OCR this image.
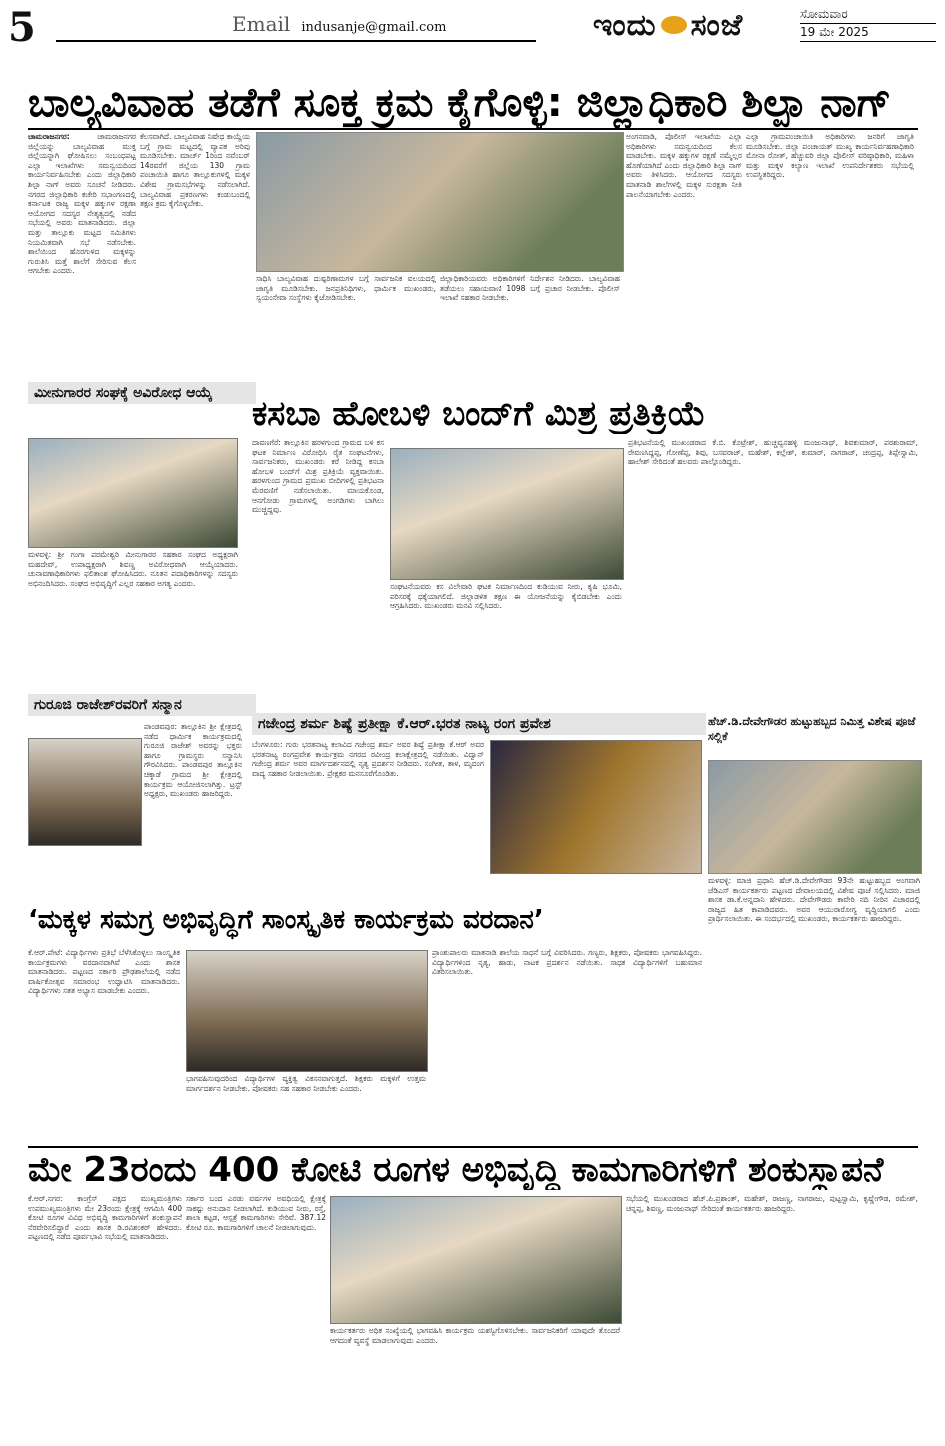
5	Email indusanje@gmail.com	ಇಂದು ಸಂಜೆ	ಸೋಮವಾರ
19 ಮೇ 2025
ಬಾಲ್ಯವಿವಾಹ ತಡೆಗೆ ಸೂಕ್ತ ಕ್ರಮ ಕೈಗೊಳ್ಳಿ: ಜಿಲ್ಲಾಧಿಕಾರಿ ಶಿಲ್ಪಾ ನಾಗ್
ಚಾಮರಾಜನಗರ:	ಚಾಮರಾಜನಗರ ಜಿಲ್ಲೆಯನ್ನು ಬಾಲ್ಯವಿವಾಹ ಮುಕ್ತ ಜಿಲ್ಲೆಯನ್ನಾಗಿ ಘೋಷಿಸಲು ಸಂಬಂಧಪಟ್ಟ ಎಲ್ಲಾ ಇಲಾಖೆಗಳು ಸಮನ್ವಯದಿಂದ ಕಾರ್ಯನಿರ್ವಹಿಸಬೇಕು ಎಂದು ಜಿಲ್ಲಾಧಿಕಾರಿ ಶಿಲ್ಪಾ ನಾಗ್ ಅವರು ಸೂಚನೆ ನೀಡಿದರು. ನಗರದ ಜಿಲ್ಲಾಧಿಕಾರಿ ಕಚೇರಿ ಸಭಾಂಗಣದಲ್ಲಿ ಕರ್ನಾಟಕ ರಾಜ್ಯ ಮಕ್ಕಳ ಹಕ್ಕುಗಳ ರಕ್ಷಣಾ ಆಯೋಗದ ಸದಸ್ಯರ ನೇತೃತ್ವದಲ್ಲಿ ನಡೆದ ಸಭೆಯಲ್ಲಿ ಅವರು ಮಾತನಾಡಿದರು. ಜಿಲ್ಲಾ ಮತ್ತು ತಾಲ್ಲೂಕು ಮಟ್ಟದ ಸಮಿತಿಗಳು ನಿಯಮಿತವಾಗಿ ಸಭೆ ನಡೆಸಬೇಕು. ಶಾಲೆಯಿಂದ ಹೊರಗುಳಿದ ಮಕ್ಕಳನ್ನು ಗುರುತಿಸಿ ಮತ್ತೆ ಶಾಲೆಗೆ ಸೇರಿಸುವ ಕೆಲಸ ಆಗಬೇಕು ಎಂದರು.
ಕೆಲಸವಾಗಿದೆ. ಬಾಲ್ಯವಿವಾಹ ನಿಷೇಧ ಕಾಯ್ದೆಯ ಬಗ್ಗೆ ಗ್ರಾಮ ಮಟ್ಟದಲ್ಲಿ ವ್ಯಾಪಕ ಅರಿವು ಮೂಡಿಸಬೇಕು. ಮಾರ್ಚ್ 1ರಿಂದ ನವೆಂಬರ್ 14ರವರೆಗೆ ಜಿಲ್ಲೆಯ 130 ಗ್ರಾಮ ಪಂಚಾಯಿತಿ ಹಾಗೂ ತಾಲ್ಲೂಕುಗಳಲ್ಲಿ ಮಕ್ಕಳ ವಿಶೇಷ ಗ್ರಾಮಸಭೆಗಳನ್ನು ನಡೆಸಲಾಗಿದೆ. ಬಾಲ್ಯವಿವಾಹ ಪ್ರಕರಣಗಳು ಕಂಡುಬಂದಲ್ಲಿ ತಕ್ಷಣ ಕ್ರಮ ಕೈಗೊಳ್ಳಬೇಕು.
ಸಾಧಿಸಿ ಬಾಲ್ಯವಿವಾಹ ದುಷ್ಪರಿಣಾಮಗಳ ಬಗ್ಗೆ ಸಾರ್ವಜನಿಕ ವಲಯದಲ್ಲಿ ಜಾಗೃತಿ ಮೂಡಿಸಬೇಕು. ಜನಪ್ರತಿನಿಧಿಗಳು, ಧಾರ್ಮಿಕ ಮುಖಂಡರು, ಸ್ವಯಂಸೇವಾ ಸಂಸ್ಥೆಗಳು ಕೈಜೋಡಿಸಬೇಕು.
ಜಿಲ್ಲಾಧಿಕಾರಿಯವರು ಅಧಿಕಾರಿಗಳಿಗೆ ನಿರ್ದೇಶನ ನೀಡಿದರು. ಬಾಲ್ಯವಿವಾಹ ತಡೆಯಲು ಸಹಾಯವಾಣಿ 1098 ಬಗ್ಗೆ ಪ್ರಚಾರ ನೀಡಬೇಕು. ಪೊಲೀಸ್ ಇಲಾಖೆ ಸಹಕಾರ ನೀಡಬೇಕು.
ಅಂಗನವಾಡಿ, ಪೊಲೀಸ್ ಇಲಾಖೆಯ ಎಲ್ಲಾ ಅಧಿಕಾರಿಗಳು ಸಮನ್ವಯದಿಂದ ಕೆಲಸ ಮಾಡಬೇಕು. ಮಕ್ಕಳ ಹಕ್ಕುಗಳ ರಕ್ಷಣೆ ನಮ್ಮೆಲ್ಲರ ಹೊಣೆಯಾಗಿದೆ ಎಂದು ಜಿಲ್ಲಾಧಿಕಾರಿ ಶಿಲ್ಪಾ ನಾಗ್ ಅವರು ತಿಳಿಸಿದರು. ಆಯೋಗದ ಸದಸ್ಯರು ಮಾತನಾಡಿ ಶಾಲೆಗಳಲ್ಲಿ ಮಕ್ಕಳ ಸುರಕ್ಷತಾ ನೀತಿ ಪಾಲನೆಯಾಗಬೇಕು ಎಂದರು.
ಎಲ್ಲಾ ಗ್ರಾಮಪಂಚಾಯಿತಿ ಅಧಿಕಾರಿಗಳು ಜನರಿಗೆ ಜಾಗೃತಿ ಮೂಡಿಸಬೇಕು. ಜಿಲ್ಲಾ ಪಂಚಾಯತ್ ಮುಖ್ಯ ಕಾರ್ಯನಿರ್ವಹಣಾಧಿಕಾರಿ ಮೋನಾ ರೋತ್, ಹೆಚ್ಚುವರಿ ಜಿಲ್ಲಾ ಪೊಲೀಸ್ ವರಿಷ್ಠಾಧಿಕಾರಿ, ಮಹಿಳಾ ಮತ್ತು ಮಕ್ಕಳ ಕಲ್ಯಾಣ ಇಲಾಖೆ ಉಪನಿರ್ದೇಶಕರು ಸಭೆಯಲ್ಲಿ ಉಪಸ್ಥಿತರಿದ್ದರು.
ಮೀನುಗಾರರ ಸಂಘಕ್ಕೆ ಅವಿರೋಧ ಆಯ್ಕೆ
ಮಳವಳ್ಳಿ: ಶ್ರೀ ಗಂಗಾ ಪರಮೇಶ್ವರಿ ಮೀನುಗಾರರ ಸಹಕಾರ ಸಂಘದ ಅಧ್ಯಕ್ಷರಾಗಿ ಮಹದೇವ್, ಉಪಾಧ್ಯಕ್ಷರಾಗಿ ಶಿವಣ್ಣ ಅವಿರೋಧವಾಗಿ ಆಯ್ಕೆಯಾದರು. ಚುನಾವಣಾಧಿಕಾರಿಗಳು ಫಲಿತಾಂಶ ಘೋಷಿಸಿದರು. ನೂತನ ಪದಾಧಿಕಾರಿಗಳನ್ನು ಸದಸ್ಯರು ಅಭಿನಂದಿಸಿದರು. ಸಂಘದ ಅಭಿವೃದ್ಧಿಗೆ ಎಲ್ಲರ ಸಹಕಾರ ಅಗತ್ಯ ಎಂದರು.
ಗುರೂಜಿ ರಾಜೇಶ್‌ರವರಿಗೆ ಸನ್ಮಾನ
ಪಾಂಡವಪುರ: ತಾಲ್ಲೂಕಿನ ಶ್ರೀ ಕ್ಷೇತ್ರದಲ್ಲಿ ನಡೆದ ಧಾರ್ಮಿಕ ಕಾರ್ಯಕ್ರಮದಲ್ಲಿ ಗುರೂಜಿ ರಾಜೇಶ್ ಅವರನ್ನು ಭಕ್ತರು ಹಾಗೂ ಗ್ರಾಮಸ್ಥರು ಸನ್ಮಾನಿಸಿ ಗೌರವಿಸಿದರು. ಪಾಂಡವಪುರ ತಾಲ್ಲೂಕಿನ ಚಿಕ್ಕಾಡೆ ಗ್ರಾಮದ ಶ್ರೀ ಕ್ಷೇತ್ರದಲ್ಲಿ ಕಾರ್ಯಕ್ರಮ ಆಯೋಜಿಸಲಾಗಿತ್ತು. ಟ್ರಸ್ಟ್ ಅಧ್ಯಕ್ಷರು, ಮುಖಂಡರು ಹಾಜರಿದ್ದರು.
ಕಸಬಾ ಹೋಬಳಿ ಬಂದ್‌ಗೆ ಮಿಶ್ರ ಪ್ರತಿಕ್ರಿಯೆ
ದಾವಣಗೆರೆ: ತಾಲ್ಲೂಕಿನ ಹರಳಗುಂದ ಗ್ರಾಮದ ಬಳಿ ಕಸ ಘಟಕ ನಿರ್ಮಾಣ ವಿರೋಧಿಸಿ ರೈತ ಸಂಘಟನೆಗಳು, ಸಾರ್ವಜನಿಕರು, ಮುಖಂಡರು ಕರೆ ನೀಡಿದ್ದ ಕಸಬಾ ಹೋಬಳಿ ಬಂದ್‌ಗೆ ಮಿಶ್ರ ಪ್ರತಿಕ್ರಿಯೆ ವ್ಯಕ್ತವಾಯಿತು. ಹರಳಗುಂದ ಗ್ರಾಮದ ಪ್ರಮುಖ ಬೀದಿಗಳಲ್ಲಿ ಪ್ರತಿಭಟನಾ ಮೆರವಣಿಗೆ ನಡೆಸಲಾಯಿತು. ಮಾಯಕೊಂಡ, ಆನಗೋಡು ಗ್ರಾಮಗಳಲ್ಲಿ ಅಂಗಡಿಗಳು ಬಾಗಿಲು ಮುಚ್ಚಿದ್ದವು.
ಸಂಘಟನೆಯವರು ಕಸ ವಿಲೇವಾರಿ ಘಟಕ ನಿರ್ಮಾಣದಿಂದ ಕುಡಿಯುವ ನೀರು, ಕೃಷಿ ಭೂಮಿ, ಪರಿಸರಕ್ಕೆ ಧಕ್ಕೆಯಾಗಲಿದೆ. ಜಿಲ್ಲಾಡಳಿತ ತಕ್ಷಣ ಈ ಯೋಜನೆಯನ್ನು ಕೈಬಿಡಬೇಕು ಎಂದು ಆಗ್ರಹಿಸಿದರು. ಮುಖಂಡರು ಮನವಿ ಸಲ್ಲಿಸಿದರು.
ಪ್ರತಿಭಟನೆಯಲ್ಲಿ ಮುಖಂಡರಾದ ಕೆ.ಬಿ. ಕೊಟ್ರೇಶ್, ಹುಚ್ಚವ್ವನಹಳ್ಳಿ ಮಂಜುನಾಥ್, ಶಿವಕುಮಾರ್, ಪರಶುರಾಮ್, ರೇವಣಸಿದ್ದಪ್ಪ, ಗೋಣೆಪ್ಪ, ಶಿವು, ಬಸವರಾಜ್, ಮಹೇಶ್, ಕಲ್ಲೇಶ್, ಕುಮಾರ್, ನಾಗರಾಜ್, ಚಂದ್ರಪ್ಪ, ತಿಪ್ಪೇಸ್ವಾಮಿ, ಹಾಲೇಶ್ ಸೇರಿದಂತೆ ಹಲವರು ಪಾಲ್ಗೊಂಡಿದ್ದರು.
ಗಜೇಂದ್ರ ಶರ್ಮ ಶಿಷ್ಯೆ ಪ್ರತೀಕ್ಷಾ ಕೆ.ಆರ್.ಭರತ ನಾಟ್ಯ ರಂಗ ಪ್ರವೇಶ
ಬೆಂಗಳೂರು: ಗುರು ಭರತನಾಟ್ಯ ಕಲಾವಿದ ಗಜೇಂದ್ರ ಶರ್ಮ ಅವರ ಶಿಷ್ಯೆ ಪ್ರತೀಕ್ಷಾ ಕೆ.ಆರ್ ಅವರ ಭರತನಾಟ್ಯ ರಂಗಪ್ರವೇಶ ಕಾರ್ಯಕ್ರಮ ನಗರದ ರವೀಂದ್ರ ಕಲಾಕ್ಷೇತ್ರದಲ್ಲಿ ನಡೆಯಿತು. ವಿದ್ವಾನ್ ಗಜೇಂದ್ರ ಶರ್ಮ ಅವರ ಮಾರ್ಗದರ್ಶನದಲ್ಲಿ ನೃತ್ಯ ಪ್ರದರ್ಶನ ನೀಡಿದರು. ಸಂಗೀತ, ತಾಳ, ಮೃದಂಗ ವಾದ್ಯ ಸಹಕಾರ ನೀಡಲಾಯಿತು. ಪ್ರೇಕ್ಷಕರ ಮನಸೂರೆಗೊಂಡಿತು.
ಹೆಚ್.ಡಿ.ದೇವೇಗೌಡರ ಹುಟ್ಟುಹಬ್ಬದ ನಿಮಿತ್ತ ವಿಶೇಷ ಪೂಜೆ ಸಲ್ಲಿಕೆ
ಮಳವಳ್ಳಿ: ಮಾಜಿ ಪ್ರಧಾನಿ ಹೆಚ್.ಡಿ.ದೇವೇಗೌಡರ 93ನೇ ಹುಟ್ಟುಹಬ್ಬದ ಅಂಗವಾಗಿ ಜೆಡಿಎಸ್ ಕಾರ್ಯಕರ್ತರು ಪಟ್ಟಣದ ದೇವಾಲಯದಲ್ಲಿ ವಿಶೇಷ ಪೂಜೆ ಸಲ್ಲಿಸಿದರು. ಮಾಜಿ ಶಾಸಕ ಡಾ.ಕೆ.ಅನ್ನದಾನಿ ಹೇಳಿದರು. ದೇವೇಗೌಡರು ಕಾವೇರಿ ನದಿ ನೀರಿನ ವಿಚಾರದಲ್ಲಿ ರಾಜ್ಯದ ಹಿತ ಕಾಪಾಡಿದವರು. ಅವರ ಆಯುರಾರೋಗ್ಯ ವೃದ್ಧಿಯಾಗಲಿ ಎಂದು ಪ್ರಾರ್ಥಿಸಲಾಯಿತು. ಈ ಸಂದರ್ಭದಲ್ಲಿ ಮುಖಂಡರು, ಕಾರ್ಯಕರ್ತರು ಹಾಜರಿದ್ದರು.
‘ಮಕ್ಕಳ ಸಮಗ್ರ ಅಭಿವೃದ್ಧಿಗೆ ಸಾಂಸ್ಕೃತಿಕ ಕಾರ್ಯಕ್ರಮ ವರದಾನ’
ಕೆ.ಆರ್.ಪೇಟೆ: ವಿದ್ಯಾರ್ಥಿಗಳು ಪ್ರತಿಭೆ ಬೆಳೆಸಿಕೊಳ್ಳಲು ಸಾಂಸ್ಕೃತಿಕ ಕಾರ್ಯಕ್ರಮಗಳು ವರದಾನವಾಗಿವೆ ಎಂದು ಶಾಸಕ ಮಾತನಾಡಿದರು. ಪಟ್ಟಣದ ಸರ್ಕಾರಿ ಪ್ರೌಢಶಾಲೆಯಲ್ಲಿ ನಡೆದ ವಾರ್ಷಿಕೋತ್ಸವ ಸಮಾರಂಭ ಉದ್ಘಾಟಿಸಿ ಮಾತನಾಡಿದರು. ವಿದ್ಯಾರ್ಥಿಗಳು ಸತತ ಅಭ್ಯಾಸ ಮಾಡಬೇಕು ಎಂದರು.
ಭಾಗವಹಿಸುವುದರಿಂದ ವಿದ್ಯಾರ್ಥಿಗಳ ವ್ಯಕ್ತಿತ್ವ ವಿಕಸನವಾಗುತ್ತದೆ. ಶಿಕ್ಷಕರು ಮಕ್ಕಳಿಗೆ ಉತ್ತಮ ಮಾರ್ಗದರ್ಶನ ನೀಡಬೇಕು. ಪೋಷಕರು ಸಹ ಸಹಕಾರ ನೀಡಬೇಕು ಎಂದರು.
ಪ್ರಾಂಶುಪಾಲರು ಮಾತನಾಡಿ ಶಾಲೆಯ ಸಾಧನೆ ಬಗ್ಗೆ ವಿವರಿಸಿದರು. ಗಣ್ಯರು, ಶಿಕ್ಷಕರು, ಪೋಷಕರು ಭಾಗವಹಿಸಿದ್ದರು. ವಿದ್ಯಾರ್ಥಿಗಳಿಂದ ನೃತ್ಯ, ಹಾಡು, ನಾಟಕ ಪ್ರದರ್ಶನ ನಡೆಯಿತು. ಸಾಧಕ ವಿದ್ಯಾರ್ಥಿಗಳಿಗೆ ಬಹುಮಾನ ವಿತರಿಸಲಾಯಿತು.
ಮೇ 23ರಂದು 400 ಕೋಟಿ ರೂಗಳ ಅಭಿವೃದ್ಧಿ ಕಾಮಗಾರಿಗಳಿಗೆ ಶಂಕುಸ್ಥಾಪನೆ
ಕೆ.ಆರ್.ನಗರ: ಕಾಂಗ್ರೆಸ್ ಪಕ್ಷದ ಮುಖ್ಯಮಂತ್ರಿಗಳು ಉಪಮುಖ್ಯಮಂತ್ರಿಗಳು ಮೇ 23ರಂದು ಕ್ಷೇತ್ರಕ್ಕೆ ಆಗಮಿಸಿ 400 ಕೋಟಿ ರೂಗಳ ವಿವಿಧ ಅಭಿವೃದ್ಧಿ ಕಾಮಗಾರಿಗಳಿಗೆ ಶಂಕುಸ್ಥಾಪನೆ ನೆರವೇರಿಸಲಿದ್ದಾರೆ ಎಂದು ಶಾಸಕ ಡಿ.ರವಿಶಂಕರ್ ಹೇಳಿದರು. ಪಟ್ಟಣದಲ್ಲಿ ನಡೆದ ಪೂರ್ವಭಾವಿ ಸಭೆಯಲ್ಲಿ ಮಾತನಾಡಿದರು.
ಸರ್ಕಾರ ಬಂದ ಎರಡು ವರ್ಷಗಳ ಅವಧಿಯಲ್ಲಿ ಕ್ಷೇತ್ರಕ್ಕೆ ಸಾಕಷ್ಟು ಅನುದಾನ ನೀಡಲಾಗಿದೆ. ಕುಡಿಯುವ ನೀರು, ರಸ್ತೆ, ಶಾಲಾ ಕಟ್ಟಡ, ಆಸ್ಪತ್ರೆ ಕಾಮಗಾರಿಗಳು ಸೇರಿವೆ. 387.12 ಕೋಟಿ ರೂ. ಕಾಮಗಾರಿಗಳಿಗೆ ಚಾಲನೆ ನೀಡಲಾಗುವುದು.
ಕಾರ್ಯಕರ್ತರು ಅಧಿಕ ಸಂಖ್ಯೆಯಲ್ಲಿ ಭಾಗವಹಿಸಿ ಕಾರ್ಯಕ್ರಮ ಯಶಸ್ವಿಗೊಳಿಸಬೇಕು. ಸಾರ್ವಜನಿಕರಿಗೆ ಯಾವುದೇ ತೊಂದರೆ ಆಗದಂತೆ ವ್ಯವಸ್ಥೆ ಮಾಡಲಾಗುವುದು ಎಂದರು.
ಸಭೆಯಲ್ಲಿ ಮುಖಂಡರಾದ ಹೆಚ್.ಪಿ.ಪ್ರಶಾಂತ್, ಮಹೇಶ್, ರಾಜಣ್ಣ, ನಾಗರಾಜು, ಪುಟ್ಟಸ್ವಾಮಿ, ಕೃಷ್ಣೇಗೌಡ, ರಮೇಶ್, ಚನ್ನಪ್ಪ, ಶಿವಣ್ಣ, ಮಂಜುನಾಥ್ ಸೇರಿದಂತೆ ಕಾರ್ಯಕರ್ತರು ಹಾಜರಿದ್ದರು.
